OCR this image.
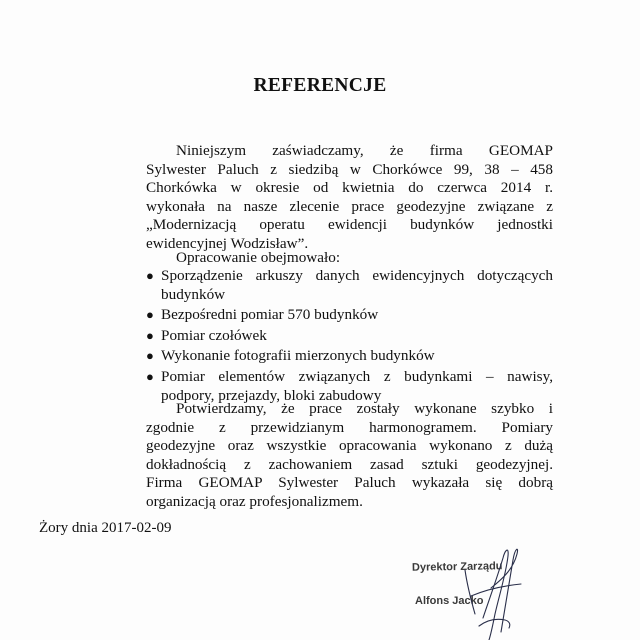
REFERENCJE
Niniejszym zaświadczamy, że firma GEOMAP
Sylwester Paluch z siedzibą w Chorkówce 99, 38 – 458
Chorkówka w okresie od kwietnia do czerwca 2014 r.
wykonała na nasze zlecenie prace geodezyjne związane z
„Modernizacją operatu ewidencji budynków jednostki
ewidencyjnej Wodzisław”.
Opracowanie obejmowało:
● Sporządzenie arkuszy danych ewidencyjnych dotyczących
budynków
● Bezpośredni pomiar 570 budynków
● Pomiar czołówek
● Wykonanie fotografii mierzonych budynków
● Pomiar elementów związanych z budynkami – nawisy,
podpory, przejazdy, bloki zabudowy
Potwierdzamy, że prace zostały wykonane szybko i
zgodnie z przewidzianym harmonogramem. Pomiary
geodezyjne oraz wszystkie opracowania wykonano z dużą
dokładnością z zachowaniem zasad sztuki geodezyjnej.
Firma GEOMAP Sylwester Paluch wykazała się dobrą
organizacją oraz profesjonalizmem.
Żory dnia 2017-02-09
Dyrektor Zarządu
Alfons Jacko
